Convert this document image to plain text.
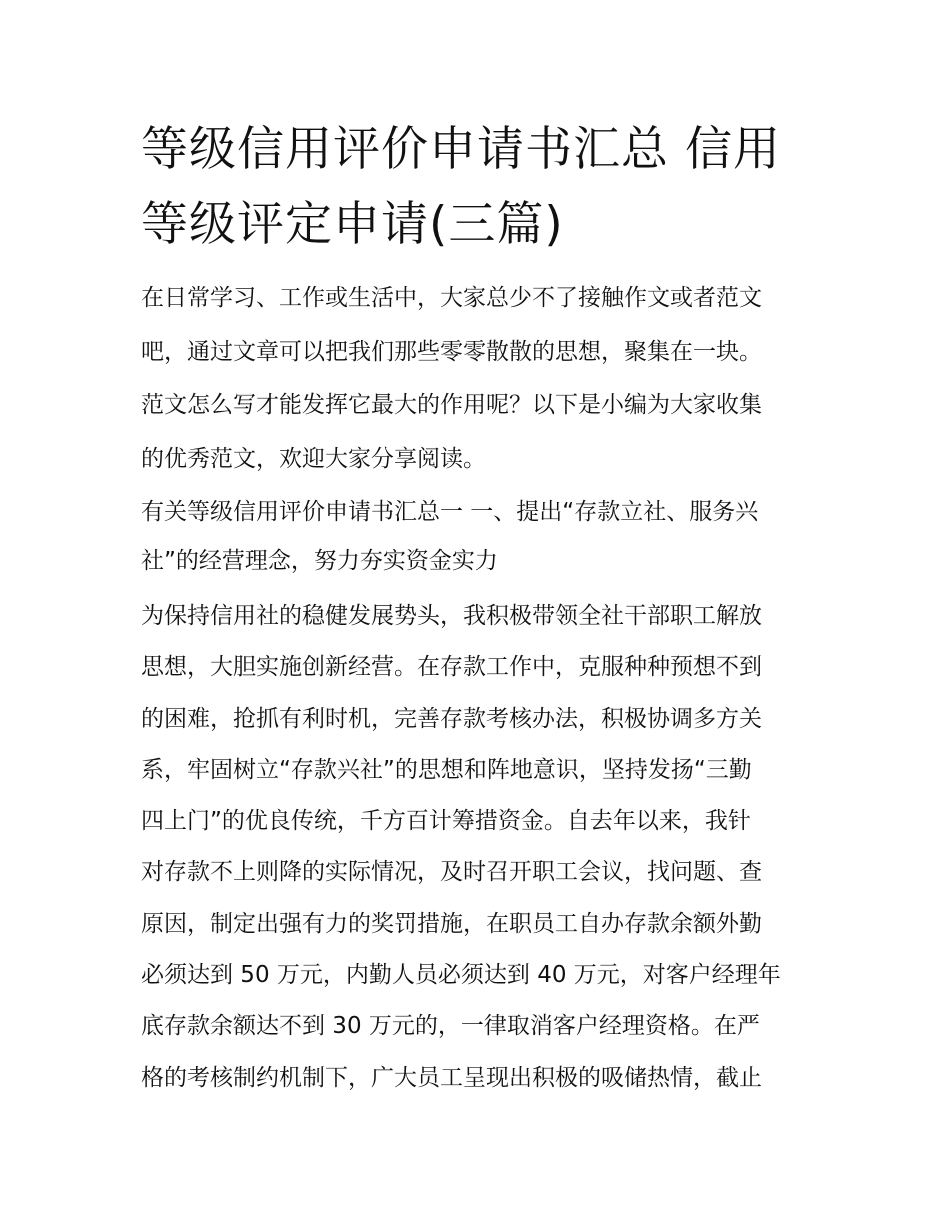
等级信用评价申请书汇总 信用
等级评定申请(三篇)

在日常学习、工作或生活中，大家总少不了接触作文或者范文
吧，通过文章可以把我们那些零零散散的思想，聚集在一块。
范文怎么写才能发挥它最大的作用呢？以下是小编为大家收集
的优秀范文，欢迎大家分享阅读。

有关等级信用评价申请书汇总一 一、提出“存款立社、服务兴
社”的经营理念，努力夯实资金实力

为保持信用社的稳健发展势头，我积极带领全社干部职工解放
思想，大胆实施创新经营。在存款工作中，克服种种预想不到
的困难，抢抓有利时机，完善存款考核办法，积极协调多方关
系，牢固树立“存款兴社”的思想和阵地意识，坚持发扬“三勤
四上门”的优良传统，千方百计筹措资金。自去年以来，我针
对存款不上则降的实际情况，及时召开职工会议，找问题、查
原因，制定出强有力的奖罚措施，在职员工自办存款余额外勤
必须达到 50 万元，内勤人员必须达到 40 万元，对客户经理年
底存款余额达不到 30 万元的，一律取消客户经理资格。在严
格的考核制约机制下，广大员工呈现出积极的吸储热情，截止
